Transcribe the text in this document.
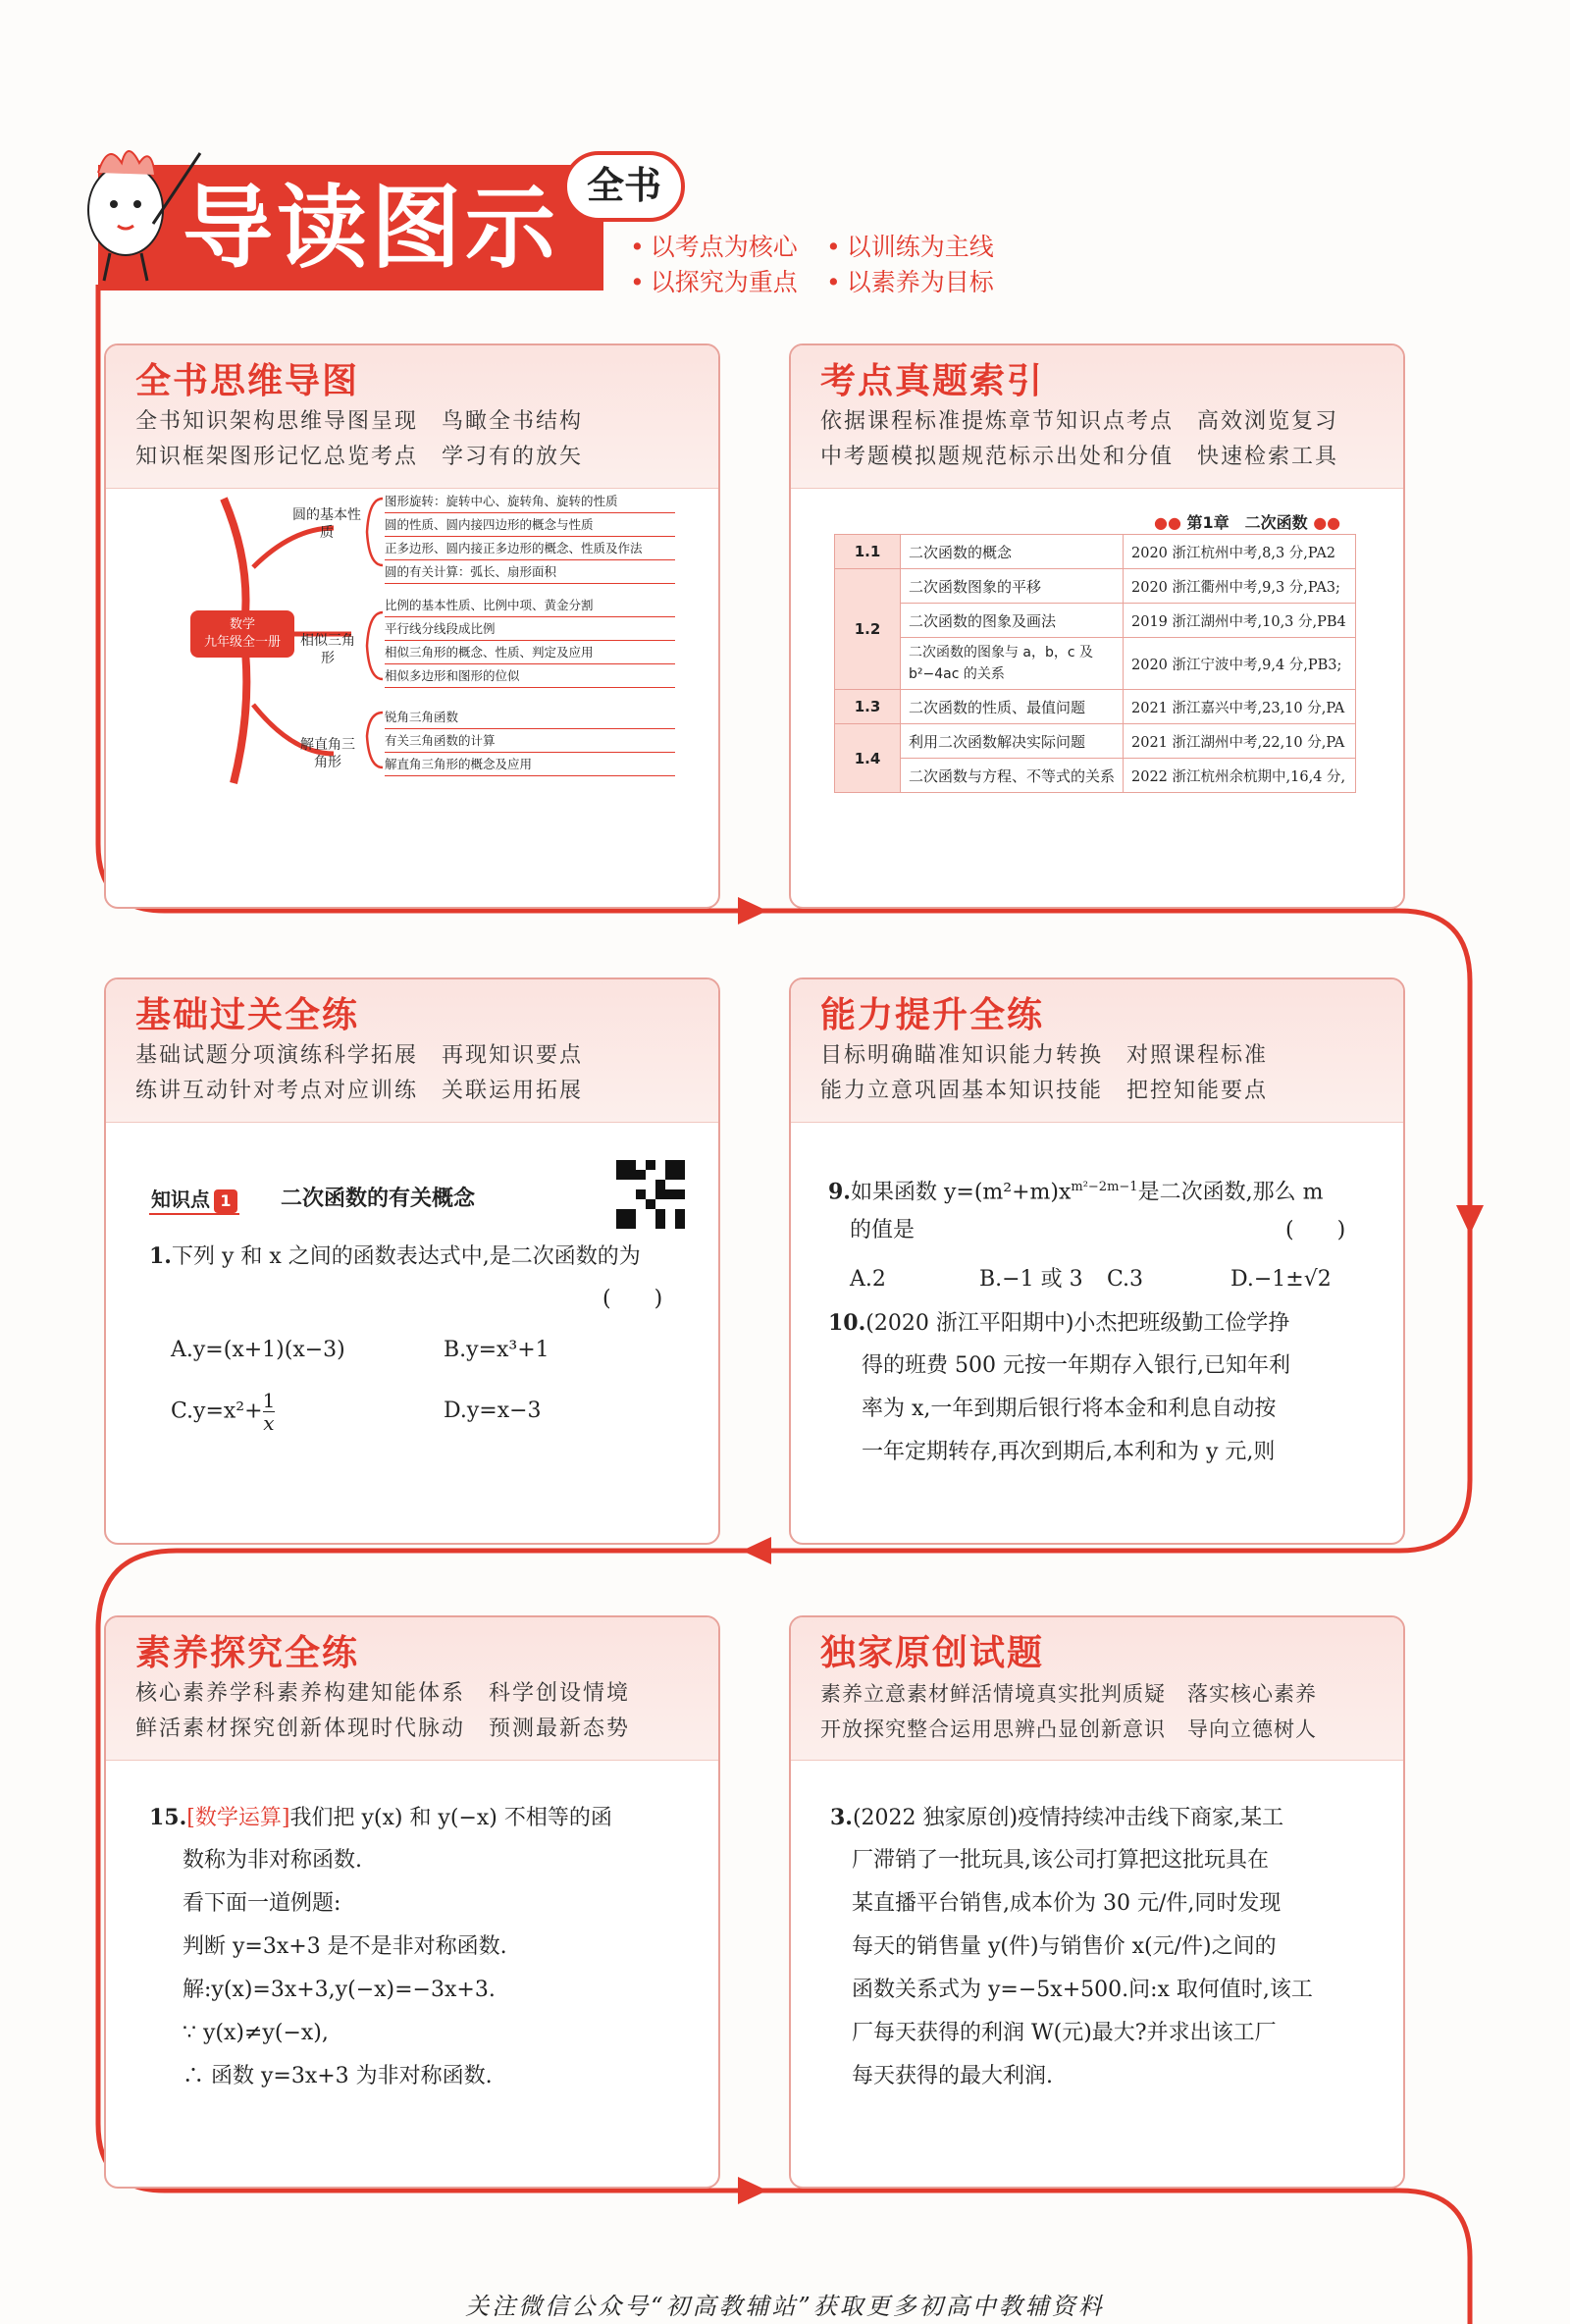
导读图示 全书
• 以考点为核心	• 以训练为主线
• 以探究为重点	• 以素养为目标
全书思维导图
全书知识架构思维导图呈现　鸟瞰全书结构
知识框架图形记忆总览考点　学习有的放矢
数学
九年级全一册
圆的基本性质
相似三角形
解直角三角形
图形旋转：旋转中心、旋转角、旋转的性质
圆的性质、圆内接四边形的概念与性质
正多边形、圆内接正多边形的概念、性质及作法
圆的有关计算：弧长、扇形面积
比例的基本性质、比例中项、黄金分割
平行线分线段成比例
相似三角形的概念、性质、判定及应用
相似多边形和图形的位似
锐角三角函数
有关三角函数的计算
解直角三角形的概念及应用
考点真题索引
依据课程标准提炼章节知识点考点　高效浏览复习
中考题模拟题规范标示出处和分值　快速检索工具
●● 第1章　二次函数 ●●
1.1	二次函数的概念	2020 浙江杭州中考,8,3 分,PA2
1.2	二次函数图象的平移	2020 浙江衢州中考,9,3 分,PA3;
	二次函数的图象及画法	2019 浙江湖州中考,10,3 分,PB4
	二次函数的图象与 a，b，c 及 b²−4ac 的关系	2020 浙江宁波中考,9,4 分,PB3;
1.3	二次函数的性质、最值问题	2021 浙江嘉兴中考,23,10 分,PA
1.4	利用二次函数解决实际问题	2021 浙江湖州中考,22,10 分,PA
	二次函数与方程、不等式的关系	2022 浙江杭州余杭期中,16,4 分,
基础过关全练
基础试题分项演练科学拓展　再现知识要点
练讲互动针对考点对应训练　关联运用拓展
知识点 1	二次函数的有关概念
1.下列 y 和 x 之间的函数表达式中,是二次函数的为
(　　)
A.y=(x+1)(x−3)	B.y=x³+1
$C.y=x^2+ \frac{1}{x}$	D.y=x−3
能力提升全练
目标明确瞄准知识能力转换　对照课程标准
能力立意巩固基本知识技能　把控知能要点
9.如果函数 $y=(m^2+m)x^{m^2-2m-1}$是二次函数,那么 m
的值是	(　　)
A.2	B.−1 或 3 C.3	D.−1±√2
10.(2020 浙江平阳期中)小杰把班级勤工俭学挣
得的班费 500 元按一年期存入银行,已知年利
率为 x,一年到期后银行将本金和利息自动按
一年定期转存,再次到期后,本利和为 y 元,则
素养探究全练
核心素养学科素养构建知能体系　科学创设情境
鲜活素材探究创新体现时代脉动　预测最新态势
15.[数学运算]我们把 y(x) 和 y(−x) 不相等的函
数称为非对称函数.
看下面一道例题:
判断 y=3x+3 是不是非对称函数.
解:y(x)=3x+3,y(−x)=−3x+3.
∵ y(x)≠y(−x),
∴ 函数 y=3x+3 为非对称函数.
独家原创试题
素养立意素材鲜活情境真实批判质疑　落实核心素养
开放探究整合运用思辨凸显创新意识　导向立德树人
3.(2022 独家原创)疫情持续冲击线下商家,某工
厂滞销了一批玩具,该公司打算把这批玩具在
某直播平台销售,成本价为 30 元/件,同时发现
每天的销售量 y(件)与销售价 x(元/件)之间的
函数关系式为 y=−5x+500.问:x 取何值时,该工
厂每天获得的利润 W(元)最大?并求出该工厂
每天获得的最大利润.
关注微信公众号“初高教辅站”获取更多初高中教辅资料
